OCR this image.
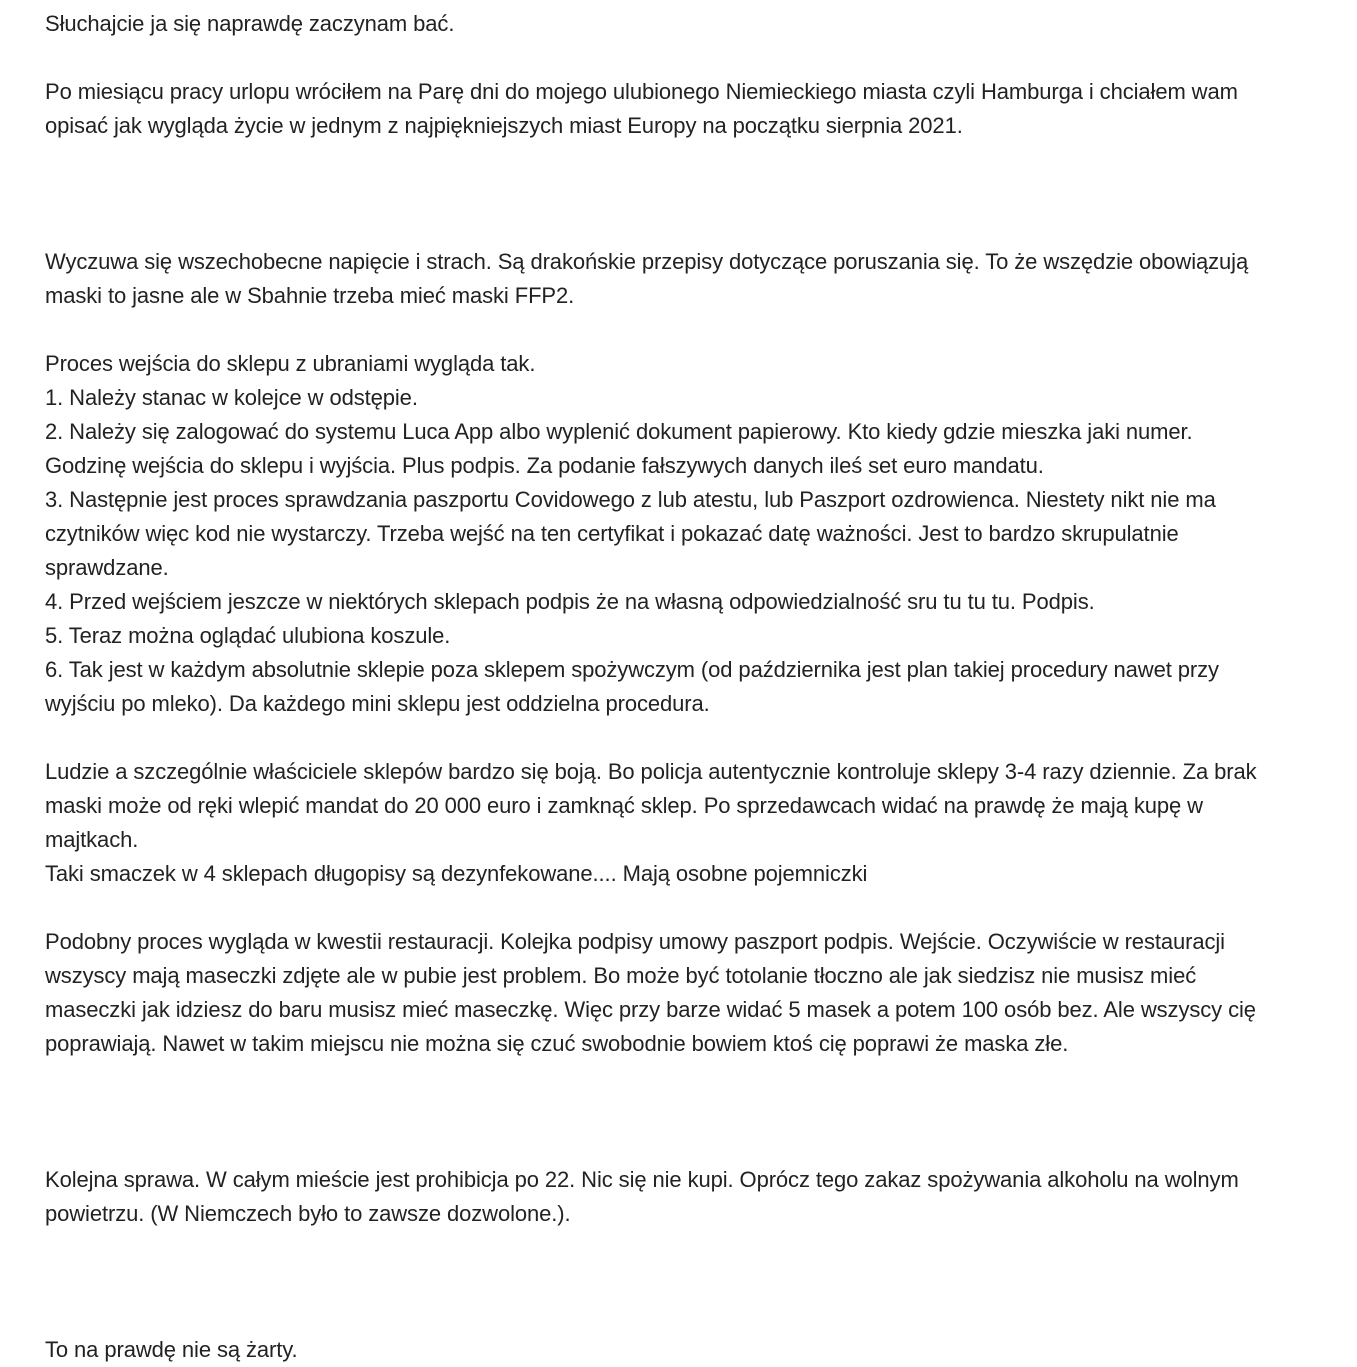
Słuchajcie ja się naprawdę zaczynam bać.
Po miesiącu pracy urlopu wróciłem na Parę dni do mojego ulubionego Niemieckiego miasta czyli Hamburga i chciałem wam
opisać jak wygląda życie w jednym z najpiękniejszych miast Europy na początku sierpnia 2021.
Wyczuwa się wszechobecne napięcie i strach. Są drakońskie przepisy dotyczące poruszania się. To że wszędzie obowiązują
maski to jasne ale w Sbahnie trzeba mieć maski FFP2.
Proces wejścia do sklepu z ubraniami wygląda tak.
1. Należy stanac w kolejce w odstępie.
2. Należy się zalogować do systemu Luca App albo wyplenić dokument papierowy. Kto kiedy gdzie mieszka jaki numer.
Godzinę wejścia do sklepu i wyjścia. Plus podpis. Za podanie fałszywych danych ileś set euro mandatu.
3. Następnie jest proces sprawdzania paszportu Covidowego z lub atestu, lub Paszport ozdrowienca. Niestety nikt nie ma
czytników więc kod nie wystarczy. Trzeba wejść na ten certyfikat i pokazać datę ważności. Jest to bardzo skrupulatnie
sprawdzane.
4. Przed wejściem jeszcze w niektórych sklepach podpis że na własną odpowiedzialność sru tu tu tu. Podpis.
5. Teraz można oglądać ulubiona koszule.
6. Tak jest w każdym absolutnie sklepie poza sklepem spożywczym (od października jest plan takiej procedury nawet przy
wyjściu po mleko). Da każdego mini sklepu jest oddzielna procedura.
Ludzie a szczególnie właściciele sklepów bardzo się boją. Bo policja autentycznie kontroluje sklepy 3-4 razy dziennie. Za brak
maski może od ręki wlepić mandat do 20 000 euro i zamknąć sklep. Po sprzedawcach widać na prawdę że mają kupę w
majtkach.
Taki smaczek w 4 sklepach długopisy są dezynfekowane.... Mają osobne pojemniczki
Podobny proces wygląda w kwestii restauracji. Kolejka podpisy umowy paszport podpis. Wejście. Oczywiście w restauracji
wszyscy mają maseczki zdjęte ale w pubie jest problem. Bo może być totolanie tłoczno ale jak siedzisz nie musisz mieć
maseczki jak idziesz do baru musisz mieć maseczkę. Więc przy barze widać 5 masek a potem 100 osób bez. Ale wszyscy cię
poprawiają. Nawet w takim miejscu nie można się czuć swobodnie bowiem ktoś cię poprawi że maska złe.
Kolejna sprawa. W całym mieście jest prohibicja po 22. Nic się nie kupi. Oprócz tego zakaz spożywania alkoholu na wolnym
powietrzu. (W Niemczech było to zawsze dozwolone.).
To na prawdę nie są żarty.
